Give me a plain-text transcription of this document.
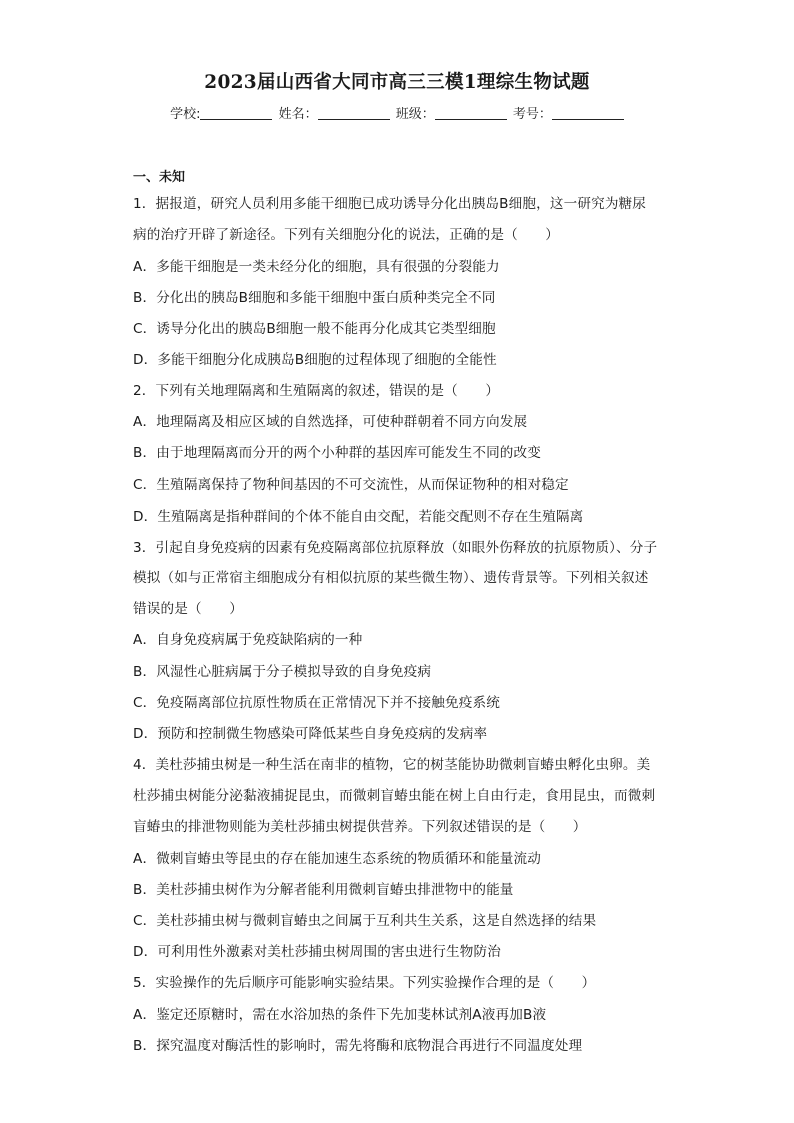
2023届山西省大同市高三三模1理综生物试题
学校:	姓名：	班级：	考号：
一、未知
1．据报道，研究人员利用多能干细胞已成功诱导分化出胰岛B细胞，这一研究为糖尿
病的治疗开辟了新途径。下列有关细胞分化的说法，正确的是（　　）
A．多能干细胞是一类未经分化的细胞，具有很强的分裂能力
B．分化出的胰岛B细胞和多能干细胞中蛋白质种类完全不同
C．诱导分化出的胰岛B细胞一般不能再分化成其它类型细胞
D．多能干细胞分化成胰岛B细胞的过程体现了细胞的全能性
2．下列有关地理隔离和生殖隔离的叙述，错误的是（　　）
A．地理隔离及相应区域的自然选择，可使种群朝着不同方向发展
B．由于地理隔离而分开的两个小种群的基因库可能发生不同的改变
C．生殖隔离保持了物种间基因的不可交流性，从而保证物种的相对稳定
D．生殖隔离是指种群间的个体不能自由交配，若能交配则不存在生殖隔离
3．引起自身免疫病的因素有免疫隔离部位抗原释放（如眼外伤释放的抗原物质）、分子
模拟（如与正常宿主细胞成分有相似抗原的某些微生物）、遗传背景等。下列相关叙述
错误的是（　　）
A．自身免疫病属于免疫缺陷病的一种
B．风湿性心脏病属于分子模拟导致的自身免疫病
C．免疫隔离部位抗原性物质在正常情况下并不接触免疫系统
D．预防和控制微生物感染可降低某些自身免疫病的发病率
4．美杜莎捕虫树是一种生活在南非的植物，它的树茎能协助微刺盲蝽虫孵化虫卵。美
杜莎捕虫树能分泌黏液捕捉昆虫，而微刺盲蝽虫能在树上自由行走，食用昆虫，而微刺
盲蝽虫的排泄物则能为美杜莎捕虫树提供营养。下列叙述错误的是（　　）
A．微刺盲蝽虫等昆虫的存在能加速生态系统的物质循环和能量流动
B．美杜莎捕虫树作为分解者能利用微刺盲蝽虫排泄物中的能量
C．美杜莎捕虫树与微刺盲蝽虫之间属于互利共生关系，这是自然选择的结果
D．可利用性外激素对美杜莎捕虫树周围的害虫进行生物防治
5．实验操作的先后顺序可能影响实验结果。下列实验操作合理的是（　　）
A．鉴定还原糖时，需在水浴加热的条件下先加斐林试剂A液再加B液
B．探究温度对酶活性的影响时，需先将酶和底物混合再进行不同温度处理
